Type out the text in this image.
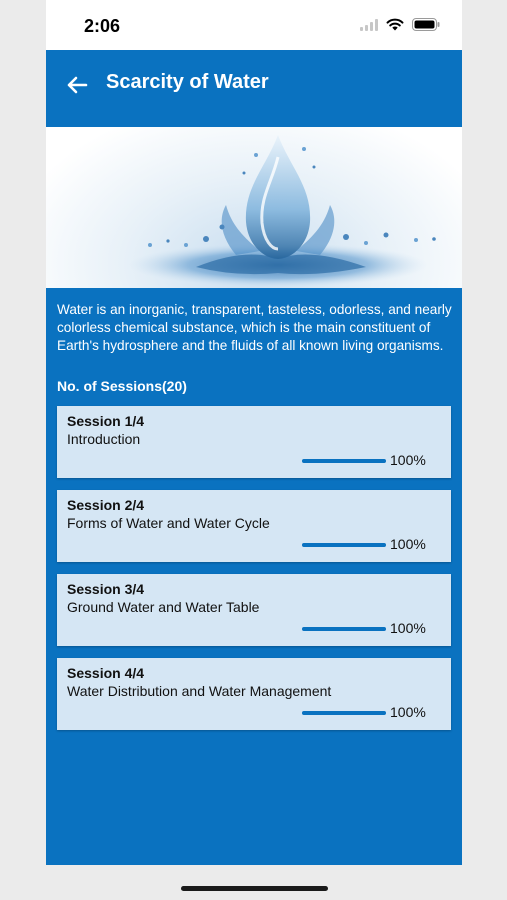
2:06
Scarcity of Water
Water is an inorganic, transparent, tasteless, odorless, and nearly colorless chemical substance, which is the main constituent of Earth's hydrosphere and the fluids of all known living organisms.
No. of Sessions(20)
Session 1/4
Introduction
100%
Session 2/4
Forms of Water and Water Cycle
100%
Session 3/4
Ground Water and Water Table
100%
Session 4/4
Water Distribution and Water Management
100%
